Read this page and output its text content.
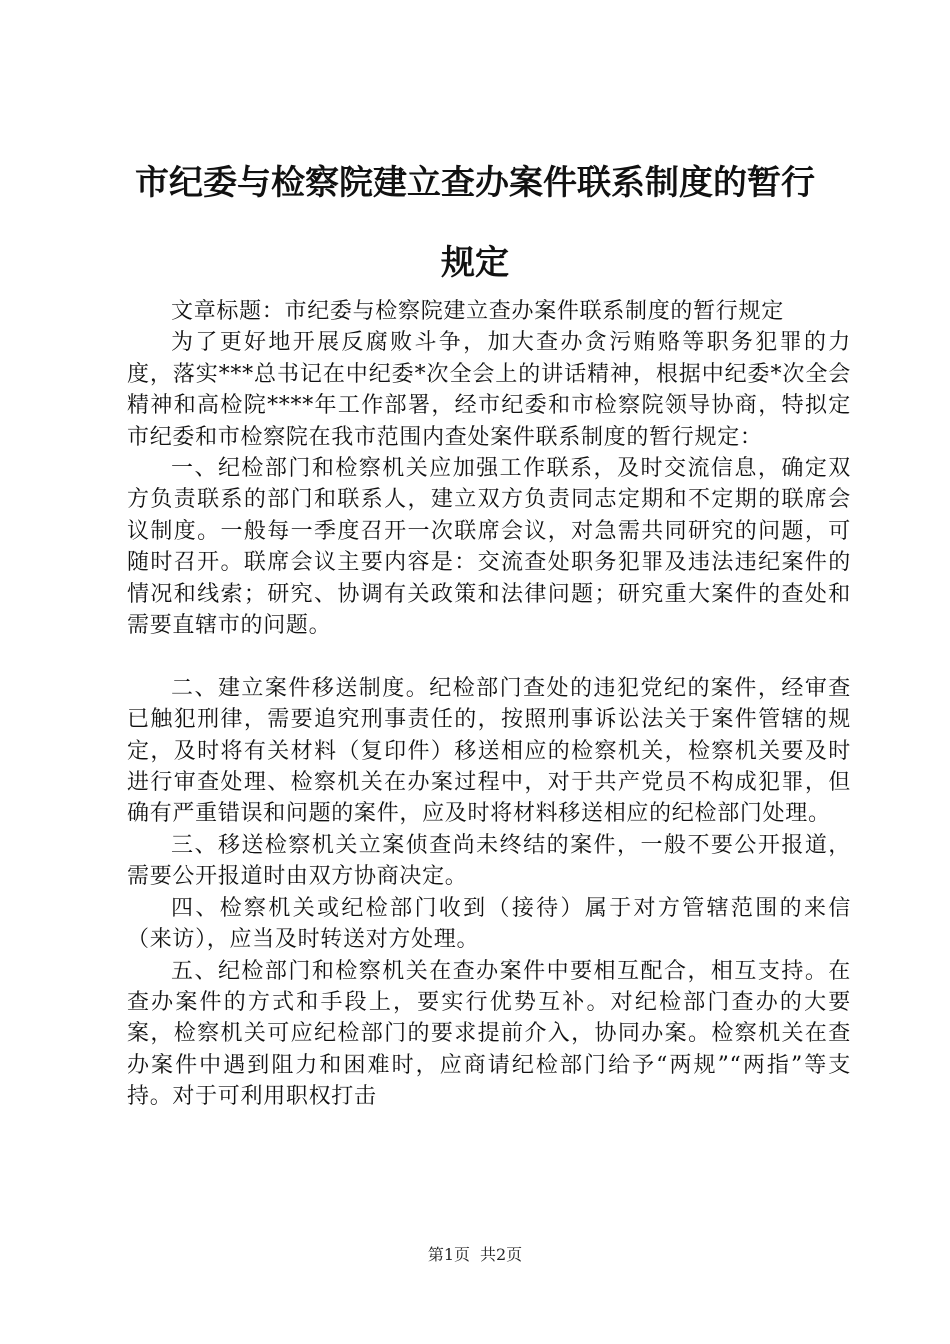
市纪委与检察院建立查办案件联系制度的暂行
规定

文章标题：市纪委与检察院建立查办案件联系制度的暂行规定

为了更好地开展反腐败斗争，加大查办贪污贿赂等职务犯罪的力度，落实***总书记在中纪委*次全会上的讲话精神，根据中纪委*次全会精神和高检院****年工作部署，经市纪委和市检察院领导协商，特拟定市纪委和市检察院在我市范围内查处案件联系制度的暂行规定：

一、纪检部门和检察机关应加强工作联系，及时交流信息，确定双方负责联系的部门和联系人，建立双方负责同志定期和不定期的联席会议制度。一般每一季度召开一次联席会议，对急需共同研究的问题，可随时召开。联席会议主要内容是：交流查处职务犯罪及违法违纪案件的情况和线索；研究、协调有关政策和法律问题；研究重大案件的查处和需要直辖市的问题。

二、建立案件移送制度。纪检部门查处的违犯党纪的案件，经审查已触犯刑律，需要追究刑事责任的，按照刑事诉讼法关于案件管辖的规定，及时将有关材料（复印件）移送相应的检察机关，检察机关要及时进行审查处理、检察机关在办案过程中，对于共产党员不构成犯罪，但确有严重错误和问题的案件，应及时将材料移送相应的纪检部门处理。

三、移送检察机关立案侦查尚未终结的案件，一般不要公开报道，需要公开报道时由双方协商决定。

四、检察机关或纪检部门收到（接待）属于对方管辖范围的来信（来访），应当及时转送对方处理。

五、纪检部门和检察机关在查办案件中要相互配合，相互支持。在查办案件的方式和手段上，要实行优势互补。对纪检部门查办的大要案，检察机关可应纪检部门的要求提前介入，协同办案。检察机关在查办案件中遇到阻力和困难时，应商请纪检部门给予“两规”“两指”等支持。对于可利用职权打击

第1页 共2页
